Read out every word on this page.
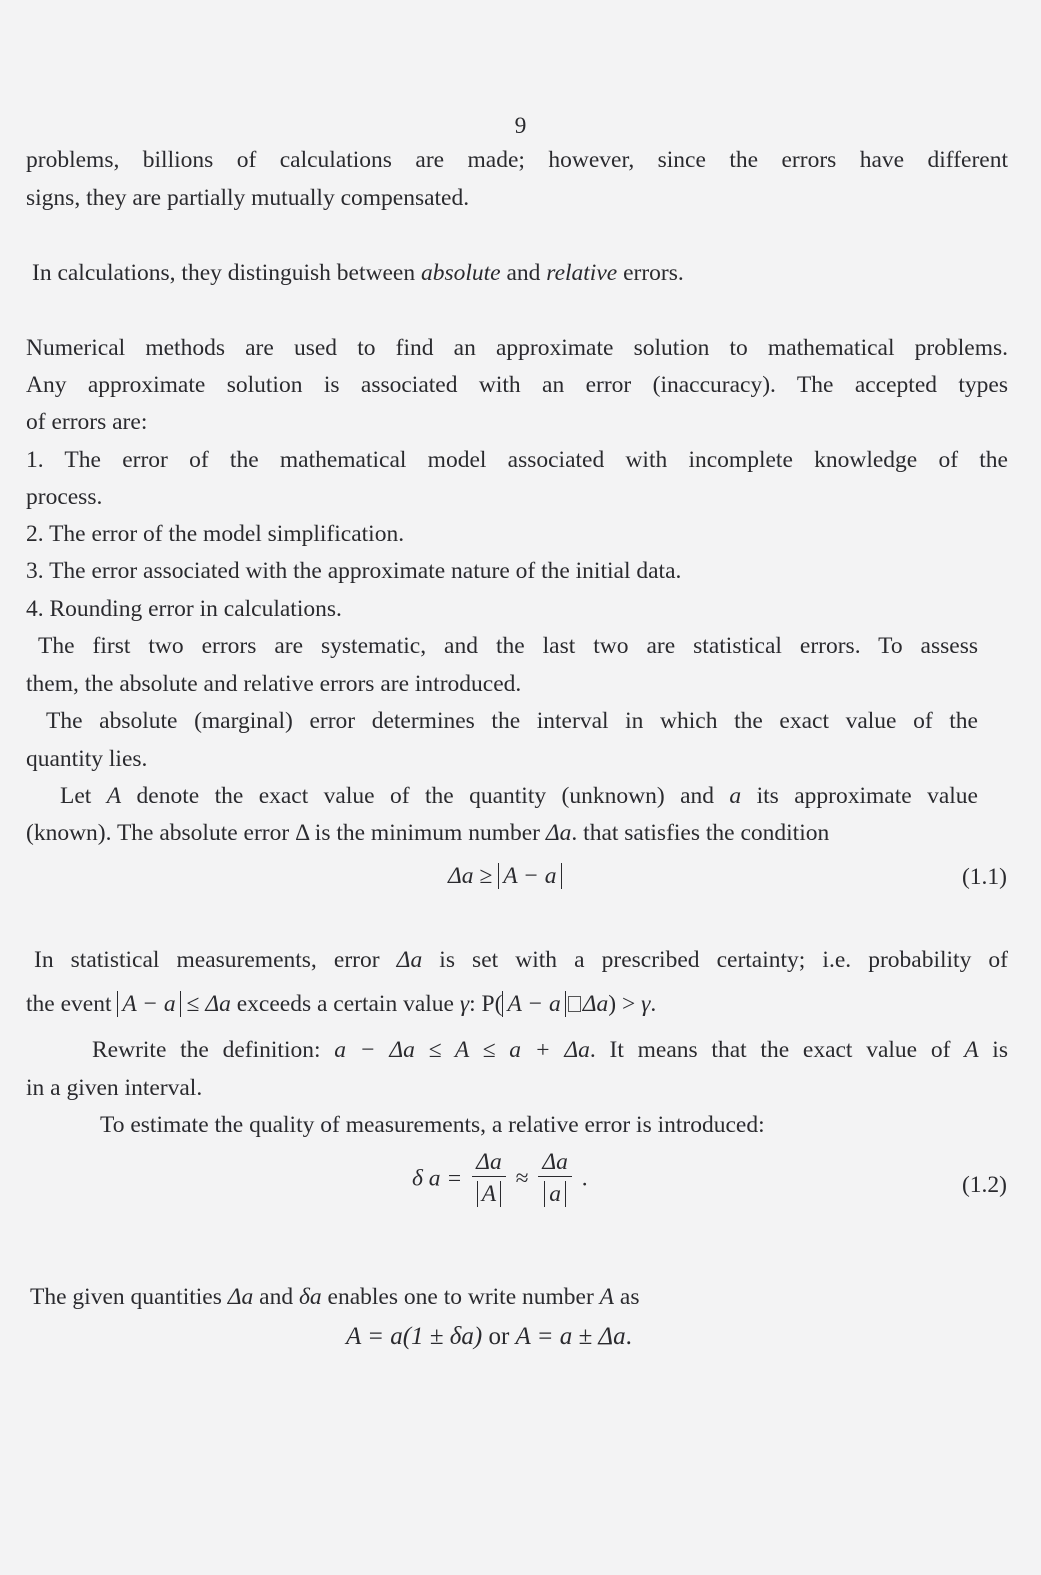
9
problems, billions of calculations are made; however, since the errors have different
signs, they are partially mutually compensated.
In calculations, they distinguish between absolute and relative errors.
Numerical methods are used to find an approximate solution to mathematical problems.
Any approximate solution is associated with an error (inaccuracy). The accepted types
of errors are:
1. The error of the mathematical model associated with incomplete knowledge of the
process.
2. The error of the model simplification.
3. The error associated with the approximate nature of the initial data.
4. Rounding error in calculations.
The first two errors are systematic, and the last two are statistical errors. To assess
them, the absolute and relative errors are introduced.
The absolute (marginal) error determines the interval in which the exact value of the
quantity lies.
Let A denote the exact value of the quantity (unknown) and a its approximate value
(known). The absolute error Δ is the minimum number Δa. that satisfies the condition
Δa ≥ A − a	(1.1)
In statistical measurements, error Δa is set with a prescribed certainty; i.e. probability of
the event A − a ≤ Δa exceeds a certain value γ: P( A − a Δa) > γ.
Rewrite the definition: a − Δa ≤ A ≤ a + Δa. It means that the exact value of A is
in a given interval.
To estimate the quality of measurements, a relative error is introduced:
δ $a = \frac{\Delta a}{A} \approx \frac{\Delta a}{a}$ .	(1.2)
The given quantities Δa and δa enables one to write number A as
A = a(1 ± δa) or A = a ± Δa.
